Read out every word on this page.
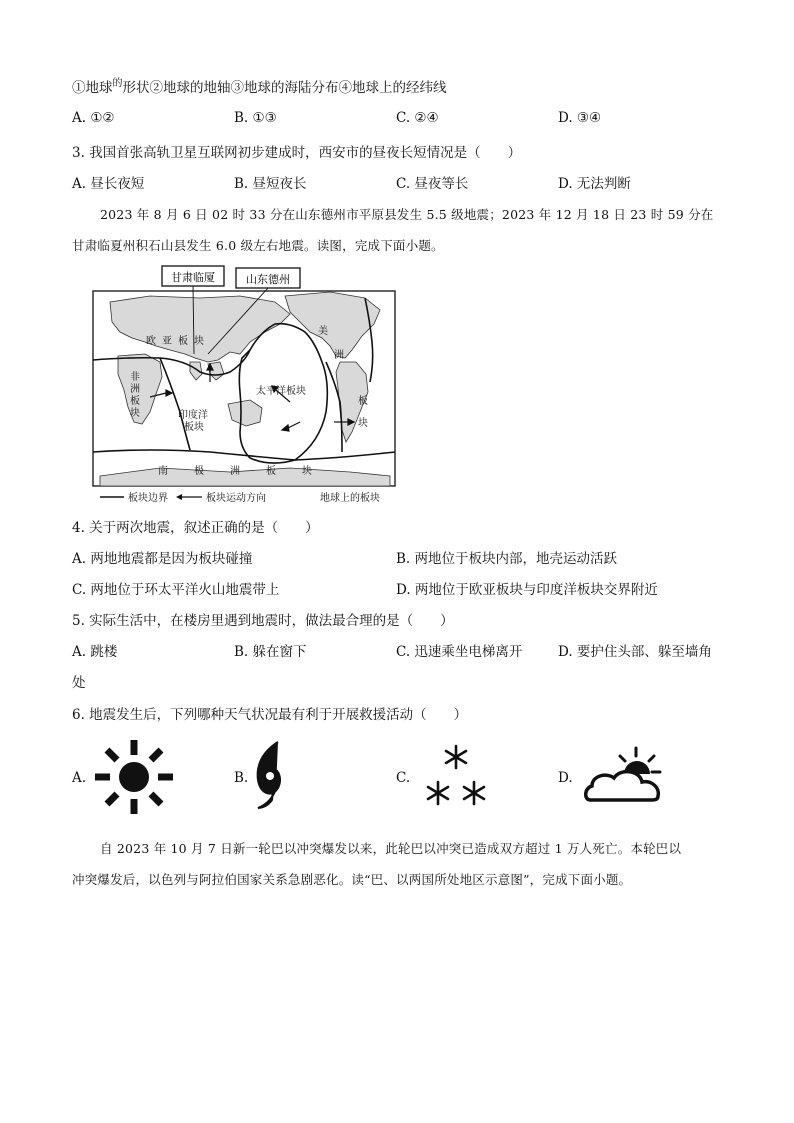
①地球$^的$形状②地球的地轴③地球的海陆分布④地球上的经纬线
A. ①②	B. ①③	C. ②④	D. ③④
3. 我国首张高轨卫星互联网初步建成时，西安市的昼夜长短情况是（　　）
A. 昼长夜短	B. 昼短夜长	C. 昼夜等长	D. 无法判断
2023 年 8 月 6 日 02 时 33 分在山东德州市平原县发生 5.5 级地震；2023 年 12 月 18 日 23 时 59 分在
甘肃临夏州积石山县发生 6.0 级左右地震。读图，完成下面小题。
甘肃临厦	山东德州
欧 亚 板 块
非
洲
板
块	印度洋
板块
太平洋板块
美
洲
板
块
南	极	洲	板	块
板块边界	板块运动方向	地球上的板块
4. 关于两次地震，叙述正确的是（　　）
A. 两地地震都是因为板块碰撞	B. 两地位于板块内部，地壳运动活跃
C. 两地位于环太平洋火山地震带上	D. 两地位于欧亚板块与印度洋板块交界附近
5. 实际生活中，在楼房里遇到地震时，做法最合理的是（　　）
A. 跳楼	B. 躲在窗下	C. 迅速乘坐电梯离开	D. 要护住头部、躲至墙角
处
6. 地震发生后，下列哪种天气状况最有利于开展救援活动（　　）
A.	B.	C.	D.
自 2023 年 10 月 7 日新一轮巴以冲突爆发以来，此轮巴以冲突已造成双方超过 1 万人死亡。本轮巴以
冲突爆发后，以色列与阿拉伯国家关系急剧恶化。读“巴、以两国所处地区示意图”，完成下面小题。
